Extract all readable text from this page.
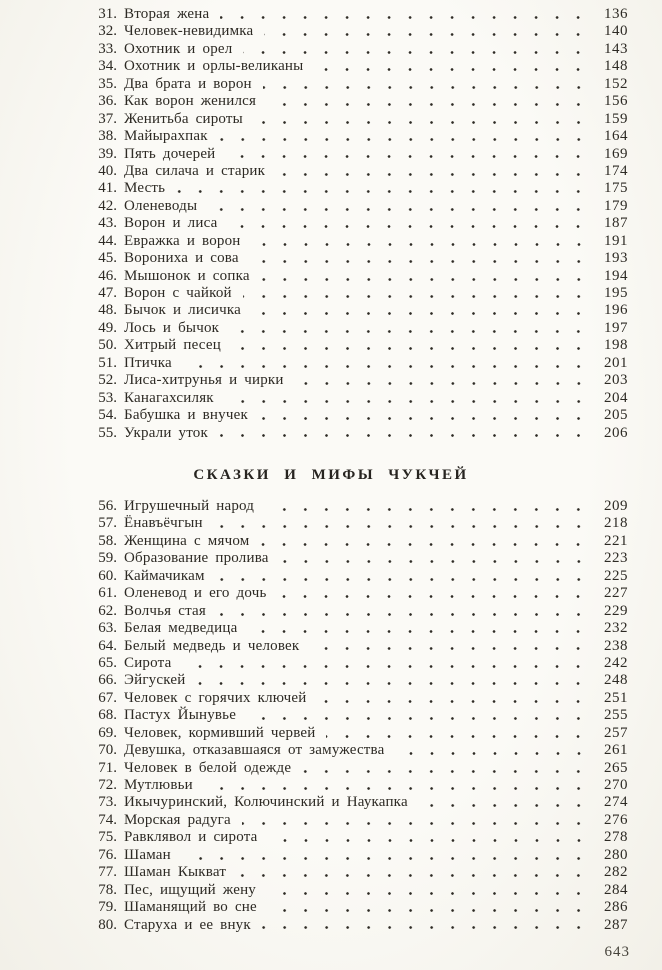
31. Вторая жена	136
32. Человек-невидимка	140
33. Охотник и орел	143
34. Охотник и орлы-великаны	148
35. Два брата и ворон	152
36. Как ворон женился	156
37. Женитьба сироты	159
38. Майырахпак	164
39. Пять дочерей	169
40. Два силача и старик	174
41. Месть	175
42. Оленеводы	179
43. Ворон и лиса	187
44. Евражка и ворон	191
45. Ворониха и сова	193
46. Мышонок и сопка	194
47. Ворон с чайкой	195
48. Бычок и лисичка	196
49. Лось и бычок	197
50. Хитрый песец	198
51. Птичка	201
52. Лиса-хитрунья и чирки	203
53. Канагахсиляк	204
54. Бабушка и внучек	205
55. Украли уток	206
СКАЗКИ И МИФЫ ЧУКЧЕЙ
56. Игрушечный народ	209
57. Ёнавъёчгын	218
58. Женщина с мячом	221
59. Образование пролива	223
60. Каймачикам	225
61. Оленевод и его дочь	227
62. Волчья стая	229
63. Белая медведица	232
64. Белый медведь и человек	238
65. Сирота	242
66. Эйгускей	248
67. Человек с горячих ключей	251
68. Пастух Йынувье	255
69. Человек, кормивший червей	257
70. Девушка, отказавшаяся от замужества	261
71. Человек в белой одежде	265
72. Мутлювьи	270
73. Икычуринский, Колючинский и Наукапка	274
74. Морская радуга	276
75. Равклявол и сирота	278
76. Шаман	280
77. Шаман Кыкват	282
78. Пес, ищущий жену	284
79. Шаманящий во сне	286
80. Старуха и ее внук	287
643
